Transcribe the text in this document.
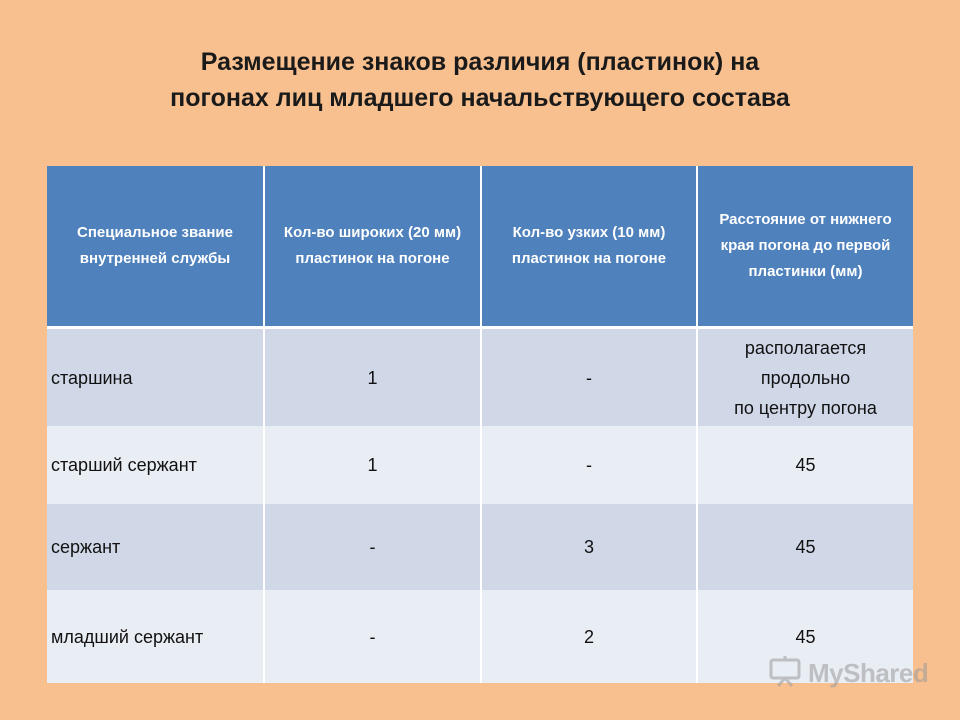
Размещение знаков различия (пластинок) на
погонах лиц младшего начальствующего состава
Специальное звание внутренней службы	Кол-во широких (20 мм) пластинок на погоне	Кол-во узких (10 мм) пластинок на погоне	Расстояние от нижнего края погона до первой пластинки (мм)
старшина	1	-	располагается
продольно
по центру погона

старший сержант	1	-	45
сержант	-	3	45
младший сержант	-	2	45
MyShared
